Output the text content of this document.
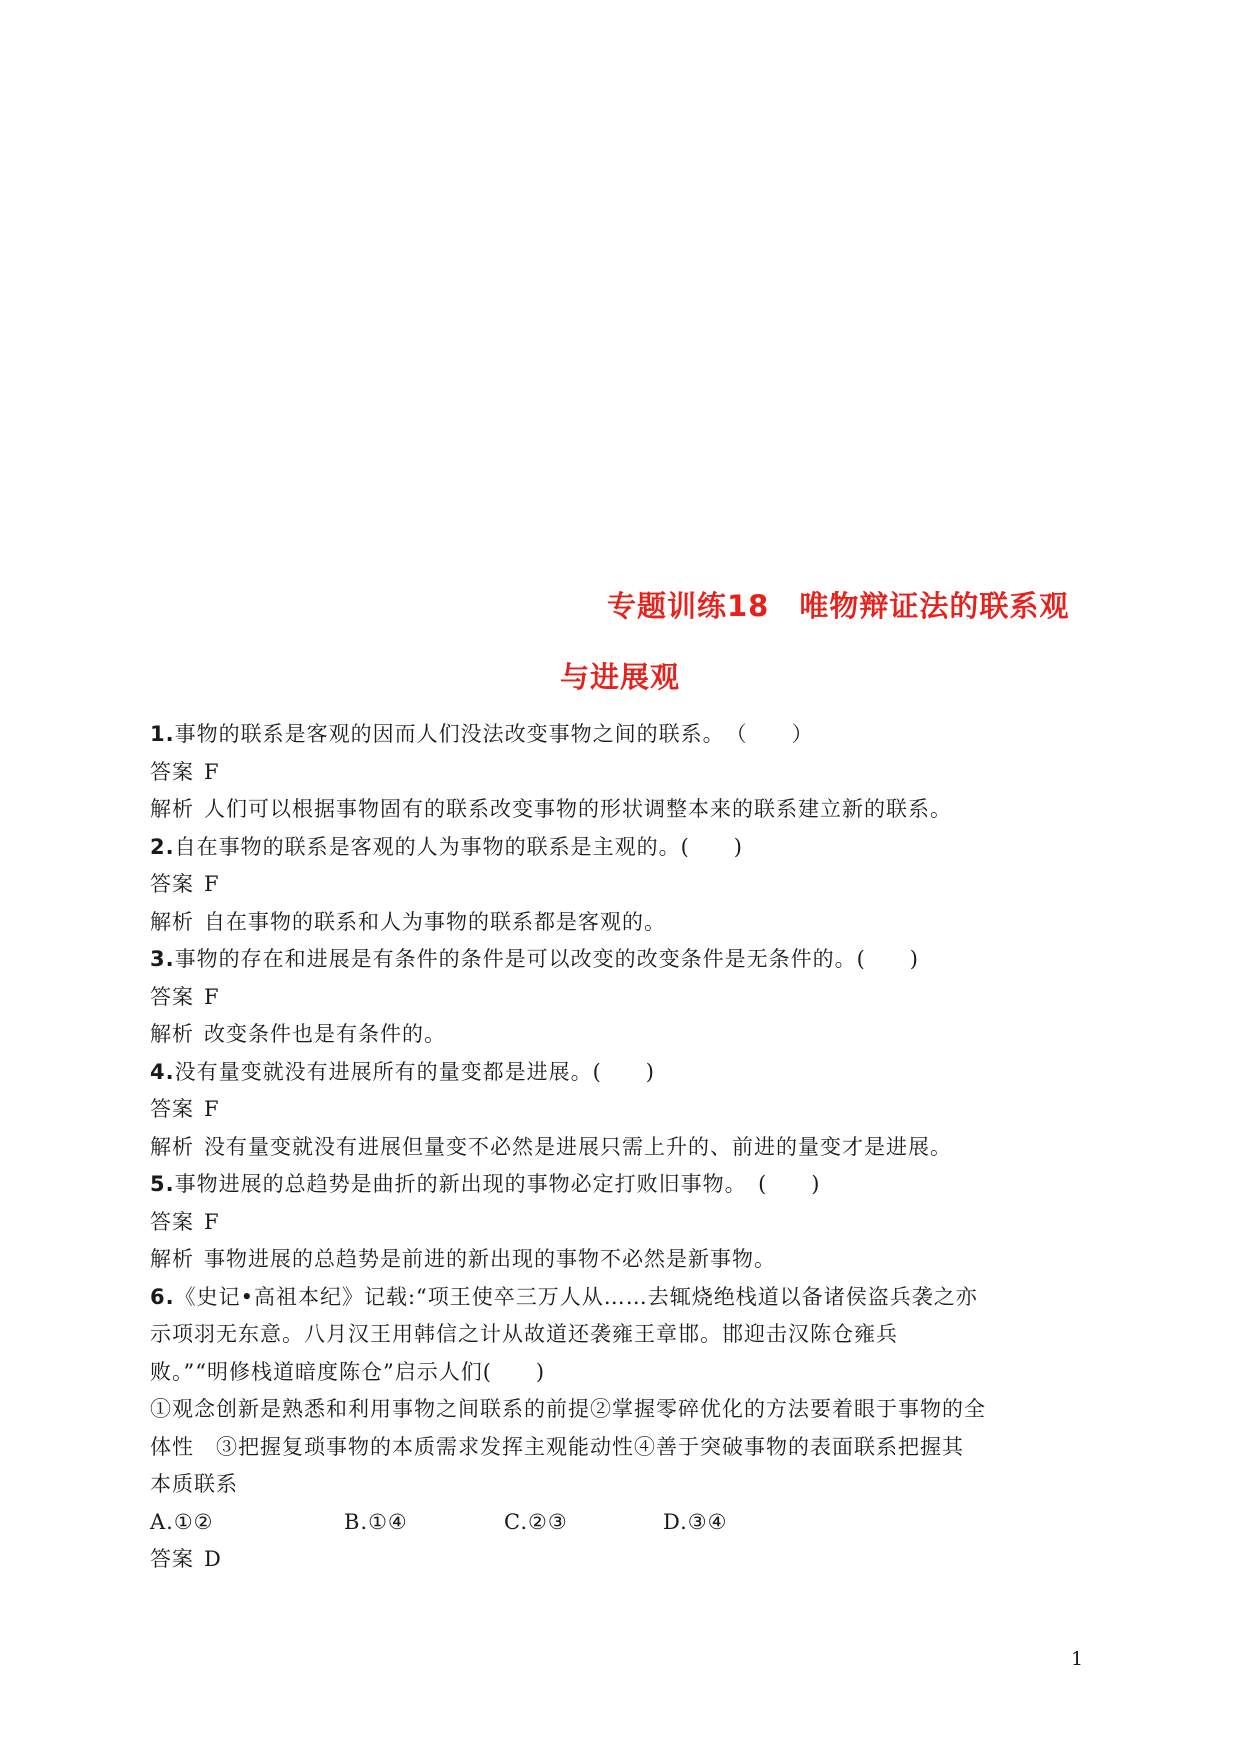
专题训练18　唯物辩证法的联系观
与进展观
1.事物的联系是客观的因而人们没法改变事物之间的联系。　（　　）
答案 F
解析 人们可以根据事物固有的联系改变事物的形状调整本来的联系建立新的联系。
2.自在事物的联系是客观的人为事物的联系是主观的。(　　)
答案 F
解析 自在事物的联系和人为事物的联系都是客观的。
3.事物的存在和进展是有条件的条件是可以改变的改变条件是无条件的。(　　)
答案 F
解析 改变条件也是有条件的。
4.没有量变就没有进展所有的量变都是进展。(　　)
答案 F
解析 没有量变就没有进展但量变不必然是进展只需上升的、前进的量变才是进展。
5.事物进展的总趋势是曲折的新出现的事物必定打败旧事物。　(　　)
答案 F
解析 事物进展的总趋势是前进的新出现的事物不必然是新事物。
6.《史记•高祖本纪》记载:“项王使卒三万人从……去辄烧绝栈道以备诸侯盗兵袭之亦
示项羽无东意。八月汉王用韩信之计从故道还袭雍王章邯。邯迎击汉陈仓雍兵
败。”“明修栈道暗度陈仓”启示人们(　　)
①观念创新是熟悉和利用事物之间联系的前提②掌握零碎优化的方法要着眼于事物的全
体性　③把握复琐事物的本质需求发挥主观能动性④善于突破事物的表面联系把握其
本质联系
A.①②	B.①④	C.②③	D.③④
答案 D
1
